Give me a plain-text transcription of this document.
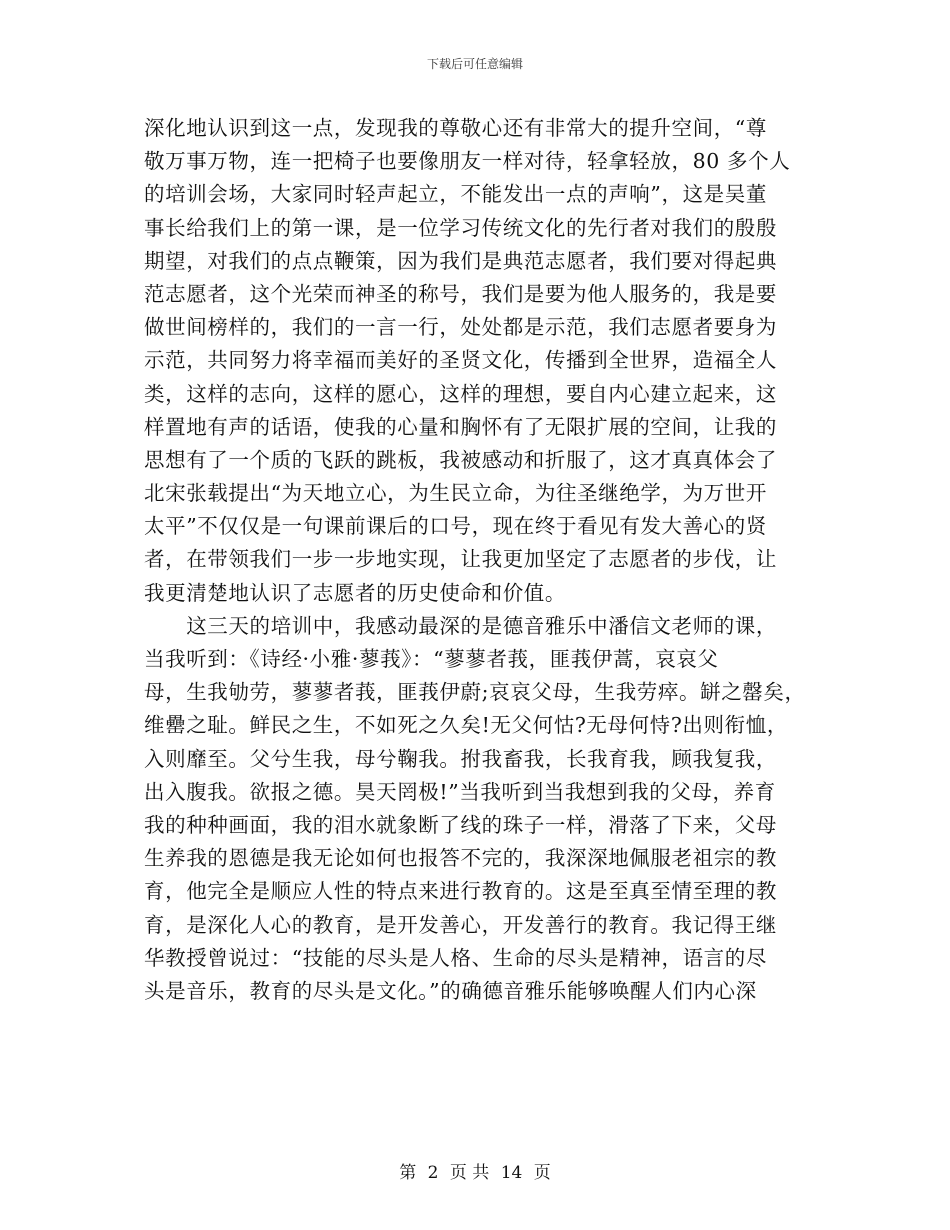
下载后可任意编辑
深化地认识到这一点，发现我的尊敬心还有非常大的提升空间，“尊
敬万事万物，连一把椅子也要像朋友一样对待，轻拿轻放，80 多个人
的培训会场，大家同时轻声起立，不能发出一点的声响”，这是吴董
事长给我们上的第一课，是一位学习传统文化的先行者对我们的殷殷
期望，对我们的点点鞭策，因为我们是典范志愿者，我们要对得起典
范志愿者，这个光荣而神圣的称号，我们是要为他人服务的，我是要
做世间榜样的，我们的一言一行，处处都是示范，我们志愿者要身为
示范，共同努力将幸福而美好的圣贤文化，传播到全世界，造福全人
类，这样的志向，这样的愿心，这样的理想，要自内心建立起来，这
样置地有声的话语，使我的心量和胸怀有了无限扩展的空间，让我的
思想有了一个质的飞跃的跳板，我被感动和折服了，这才真真体会了
北宋张载提出“为天地立心，为生民立命，为往圣继绝学，为万世开
太平”不仅仅是一句课前课后的口号，现在终于看见有发大善心的贤
者，在带领我们一步一步地实现，让我更加坚定了志愿者的步伐，让
我更清楚地认识了志愿者的历史使命和价值。
　　这三天的培训中，我感动最深的是德音雅乐中潘信文老师的课，
当我听到：《诗经·小雅·蓼莪》：“蓼蓼者莪，匪莪伊蒿，哀哀父
母，生我劬劳，蓼蓼者莪，匪莪伊蔚;哀哀父母，生我劳瘁。缾之罄矣，
维罍之耻。鲜民之生，不如死之久矣!无父何怙?无母何恃?出则衔恤，
入则靡至。父兮生我，母兮鞠我。拊我畜我，长我育我，顾我复我，
出入腹我。欲报之德。昊天罔极!”当我听到当我想到我的父母，养育
我的种种画面，我的泪水就象断了线的珠子一样，滑落了下来，父母
生养我的恩德是我无论如何也报答不完的，我深深地佩服老祖宗的教
育，他完全是顺应人性的特点来进行教育的。这是至真至情至理的教
育，是深化人心的教育，是开发善心，开发善行的教育。我记得王继
华教授曾说过：“技能的尽头是人格、生命的尽头是精神，语言的尽
头是音乐，教育的尽头是文化。”的确德音雅乐能够唤醒人们内心深
第 2 页 共 14 页
